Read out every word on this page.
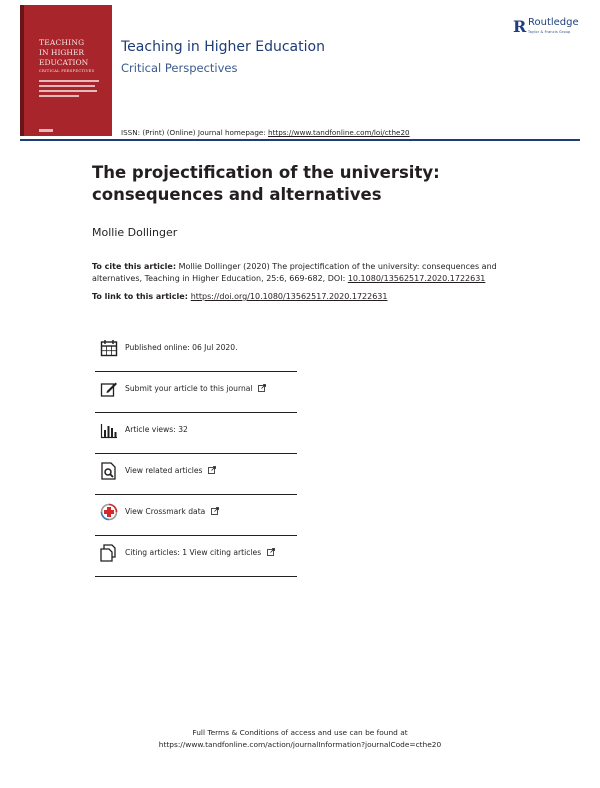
TEACHING
IN HIGHER
EDUCATION
CRITICAL PERSPECTIVES
Teaching in Higher Education
Critical Perspectives
R Routledge
Taylor & Francis Group
ISSN: (Print) (Online) Journal homepage: https://www.tandfonline.com/loi/cthe20
The projectification of the university:
consequences and alternatives
Mollie Dollinger
To cite this article: Mollie Dollinger (2020) The projectification of the university: consequences and
alternatives, Teaching in Higher Education, 25:6, 669-682, DOI: 10.1080/13562517.2020.1722631
To link to this article: https://doi.org/10.1080/13562517.2020.1722631
Published online: 06 Jul 2020.
Submit your article to this journal
Article views: 32
View related articles
View Crossmark data
Citing articles: 1 View citing articles
Full Terms & Conditions of access and use can be found at
https://www.tandfonline.com/action/journalInformation?journalCode=cthe20
